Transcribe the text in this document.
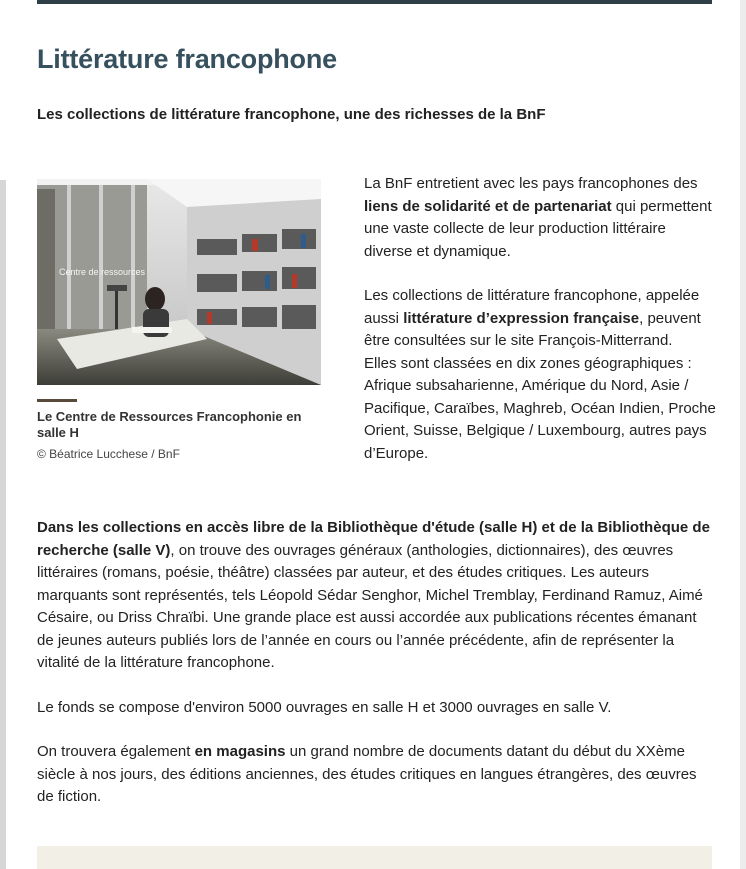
Littérature francophone

Les collections de littérature francophone, une des richesses de la BnF

Centre de ressources
Le Centre de Ressources Francophonie en salle H
© Béatrice Lucchese / BnF

La BnF entretient avec les pays francophones des liens de solidarité et de partenariat qui permettent une vaste collecte de leur production littéraire diverse et dynamique.

Les collections de littérature francophone, appelée aussi littérature d’expression française, peuvent être consultées sur le site François-Mitterrand.

Elles sont classées en dix zones géographiques : Afrique subsaharienne, Amérique du Nord, Asie / Pacifique, Caraïbes, Maghreb, Océan Indien, Proche Orient, Suisse, Belgique / Luxembourg, autres pays d’Europe.

Dans les collections en accès libre de la Bibliothèque d'étude (salle H) et de la Bibliothèque de recherche (salle V), on trouve des ouvrages généraux (anthologies, dictionnaires), des œuvres littéraires (romans, poésie, théâtre) classées par auteur, et des études critiques. Les auteurs marquants sont représentés, tels Léopold Sédar Senghor, Michel Tremblay, Ferdinand Ramuz, Aimé Césaire, ou Driss Chraïbi. Une grande place est aussi accordée aux publications récentes émanant de jeunes auteurs publiés lors de l’année en cours ou l’année précédente, afin de représenter la vitalité de la littérature francophone.

Le fonds se compose d'environ 5000 ouvrages en salle H et 3000 ouvrages en salle V.

On trouvera également en magasins un grand nombre de documents datant du début du XXème siècle à nos jours, des éditions anciennes, des études critiques en langues étrangères, des œuvres de fiction.
